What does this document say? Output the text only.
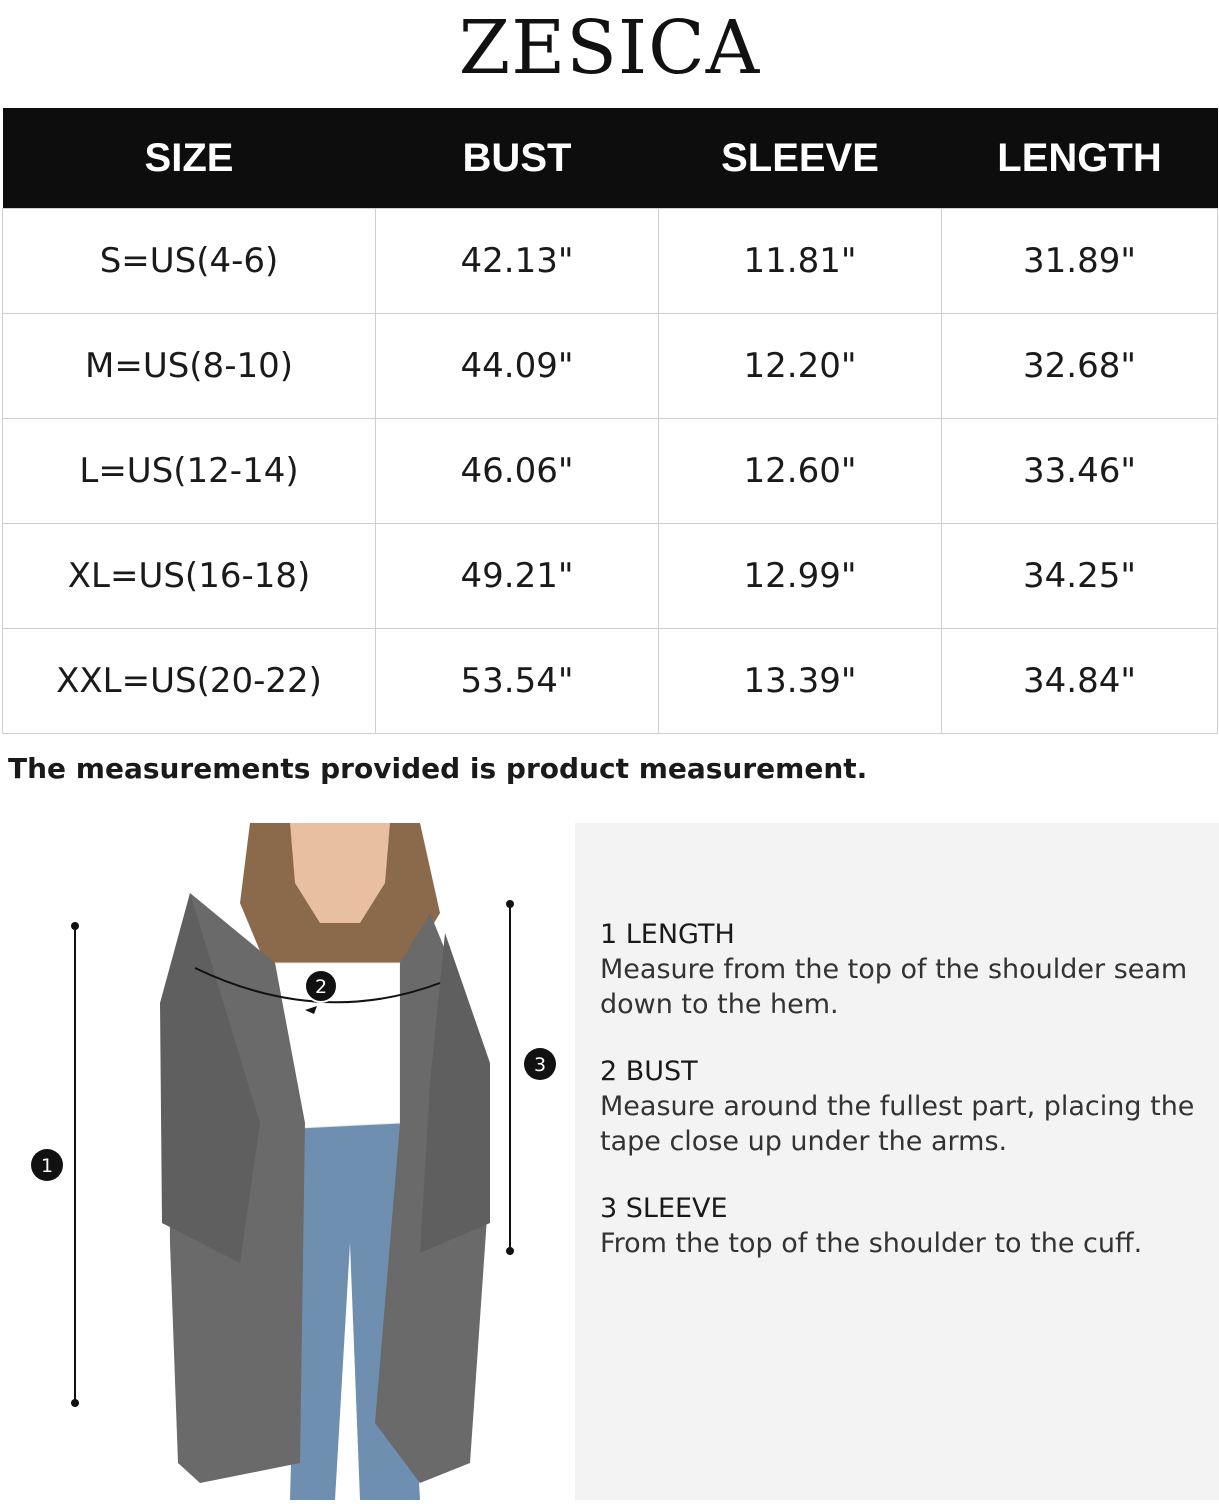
ZESICA
SIZE	BUST	SLEEVE	LENGTH
S=US(4-6)	42.13"	11.81"	31.89"
M=US(8-10)	44.09"	12.20"	32.68"
L=US(12-14)	46.06"	12.60"	33.46"
XL=US(16-18)	49.21"	12.99"	34.25"
XXL=US(20-22)	53.54"	13.39"	34.84"
The measurements provided is product measurement.
1
2
3
1 LENGTH
Measure from the top of the shoulder seam down to the hem.
2 BUST
Measure around the fullest part, placing the tape close up under the arms.
3 SLEEVE
From the top of the shoulder to the cuff.
